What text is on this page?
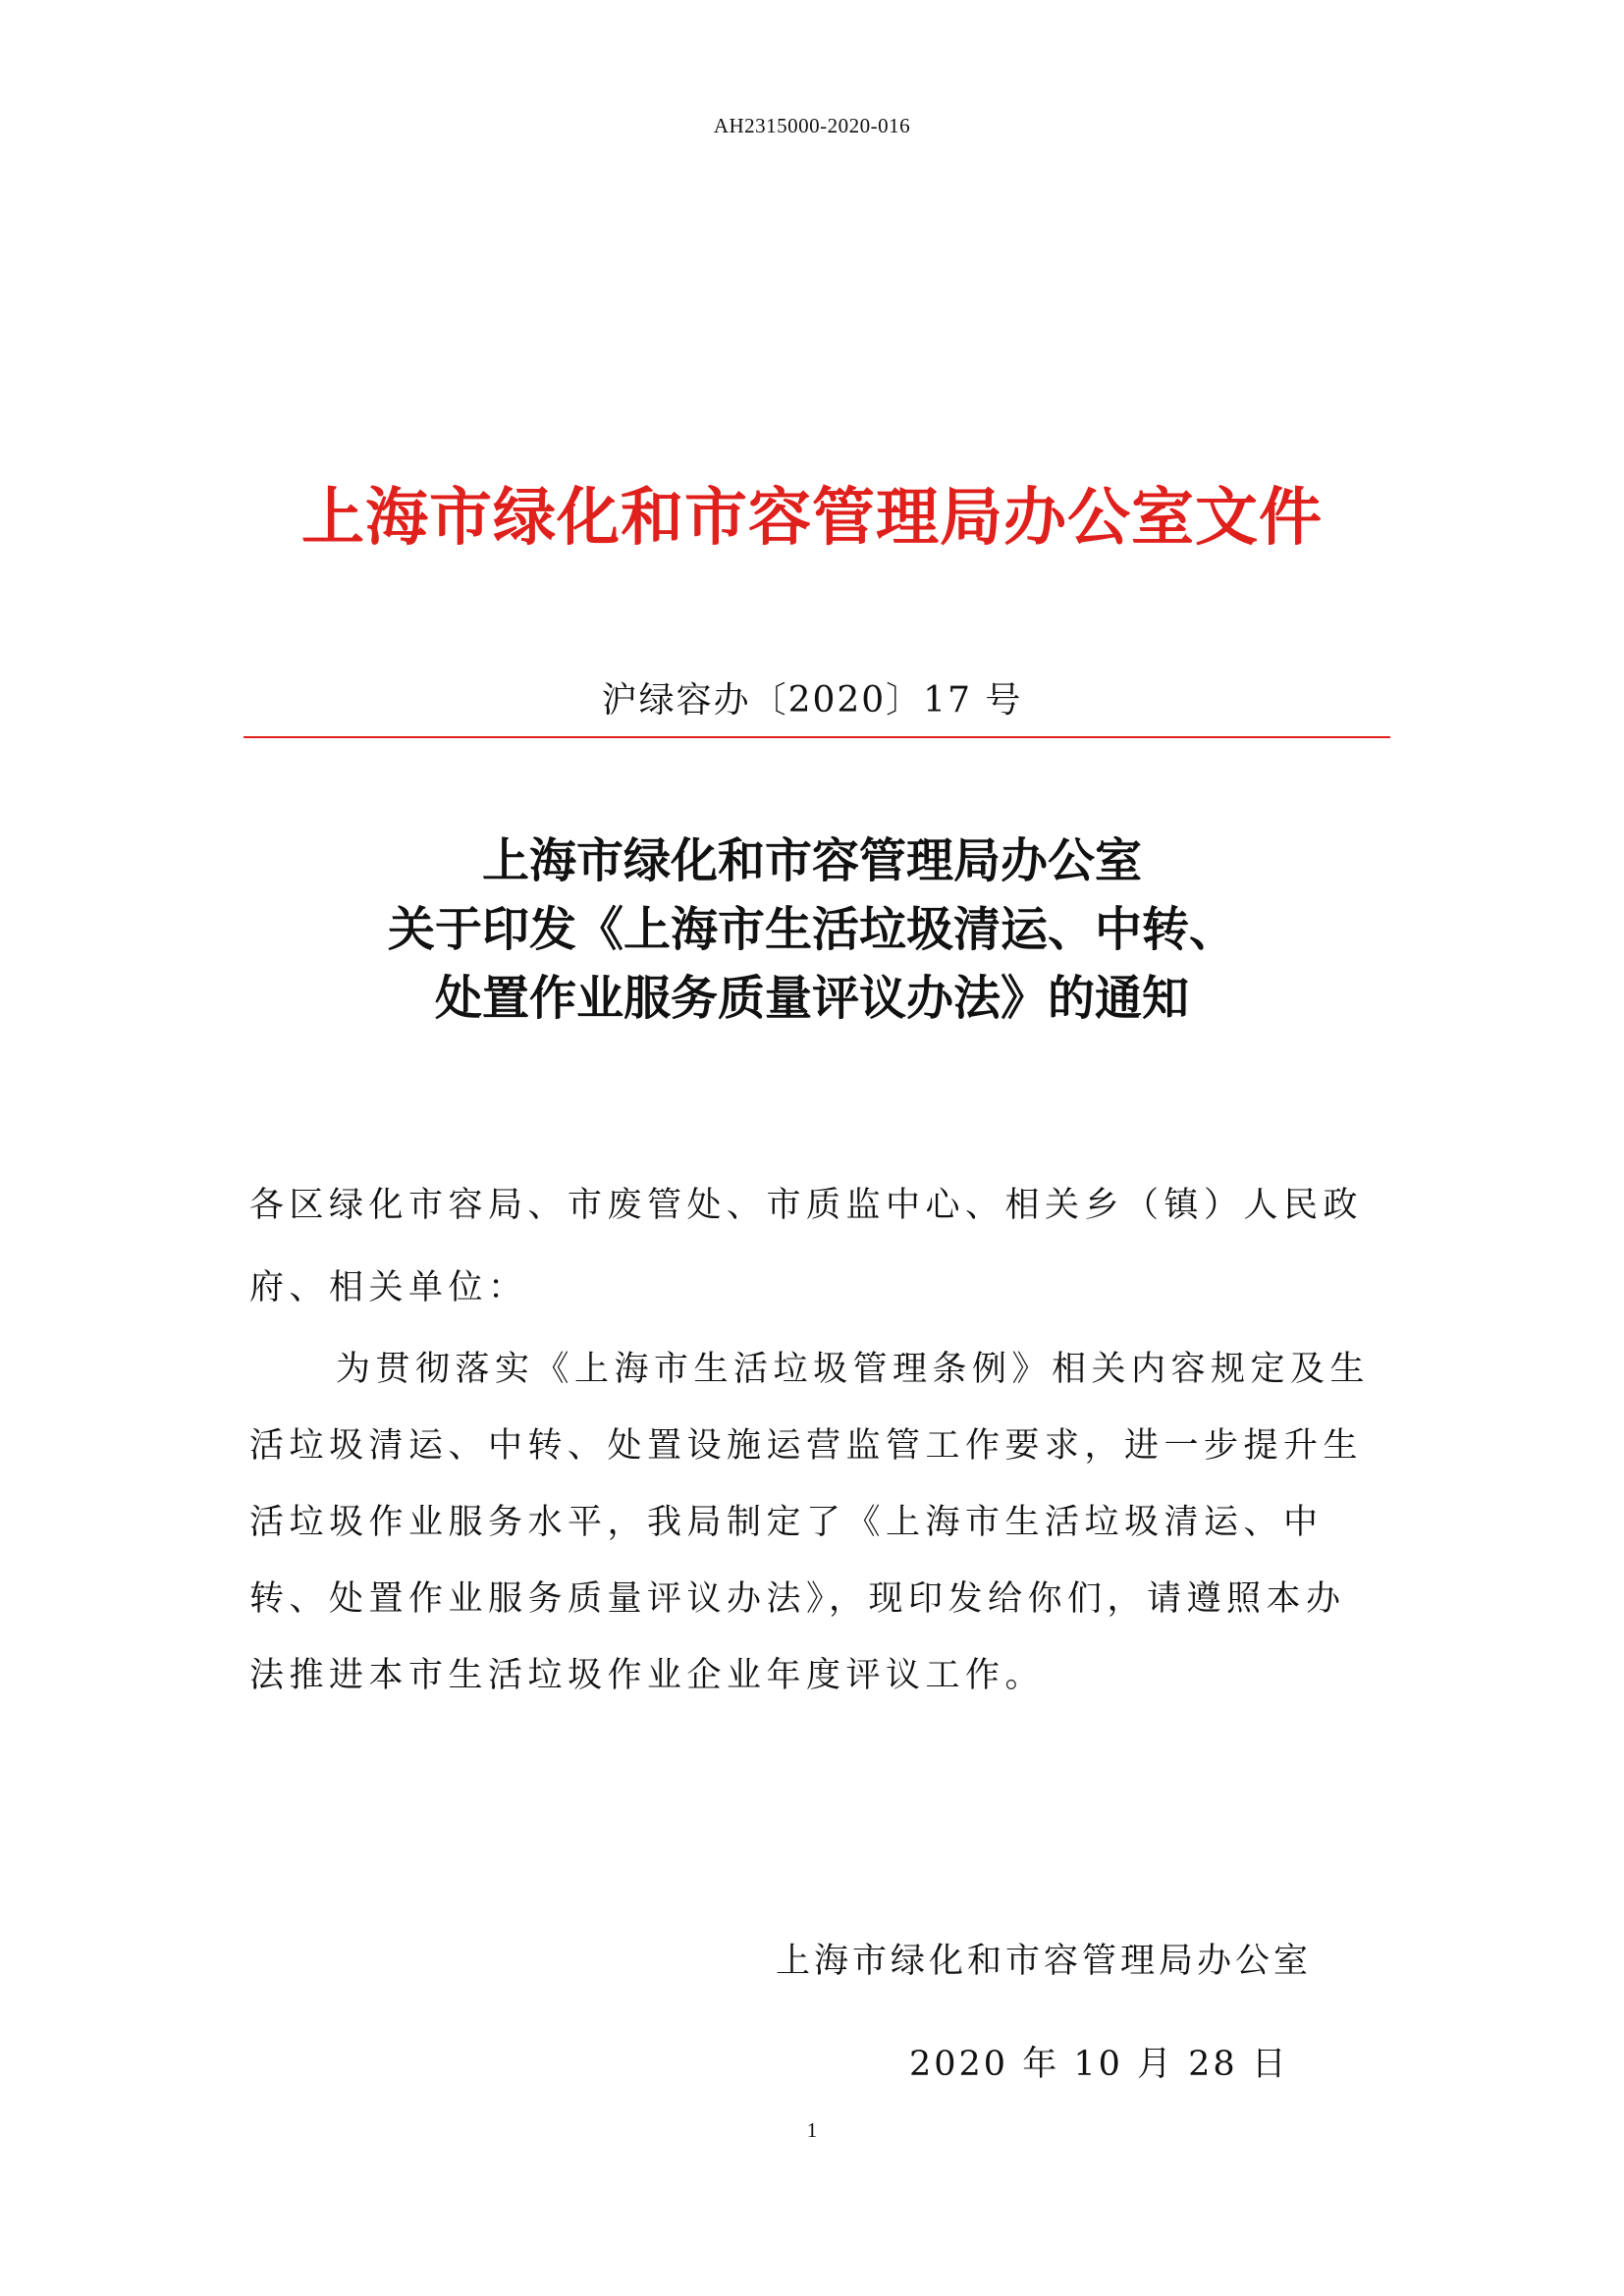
AH2315000-2020-016
上海市绿化和市容管理局办公室文件
沪绿容办〔2020〕17 号
上海市绿化和市容管理局办公室
关于印发《上海市生活垃圾清运、中转、
处置作业服务质量评议办法》的通知

各区绿化市容局、市废管处、市质监中心、相关乡（镇）人民政府、相关单位：

为贯彻落实《上海市生活垃圾管理条例》相关内容规定及生活垃圾清运、中转、处置设施运营监管工作要求，进一步提升生活垃圾作业服务水平，我局制定了《上海市生活垃圾清运、中转、处置作业服务质量评议办法》，现印发给你们，请遵照本办法推进本市生活垃圾作业企业年度评议工作。

上海市绿化和市容管理局办公室
2020 年 10 月 28 日
1
